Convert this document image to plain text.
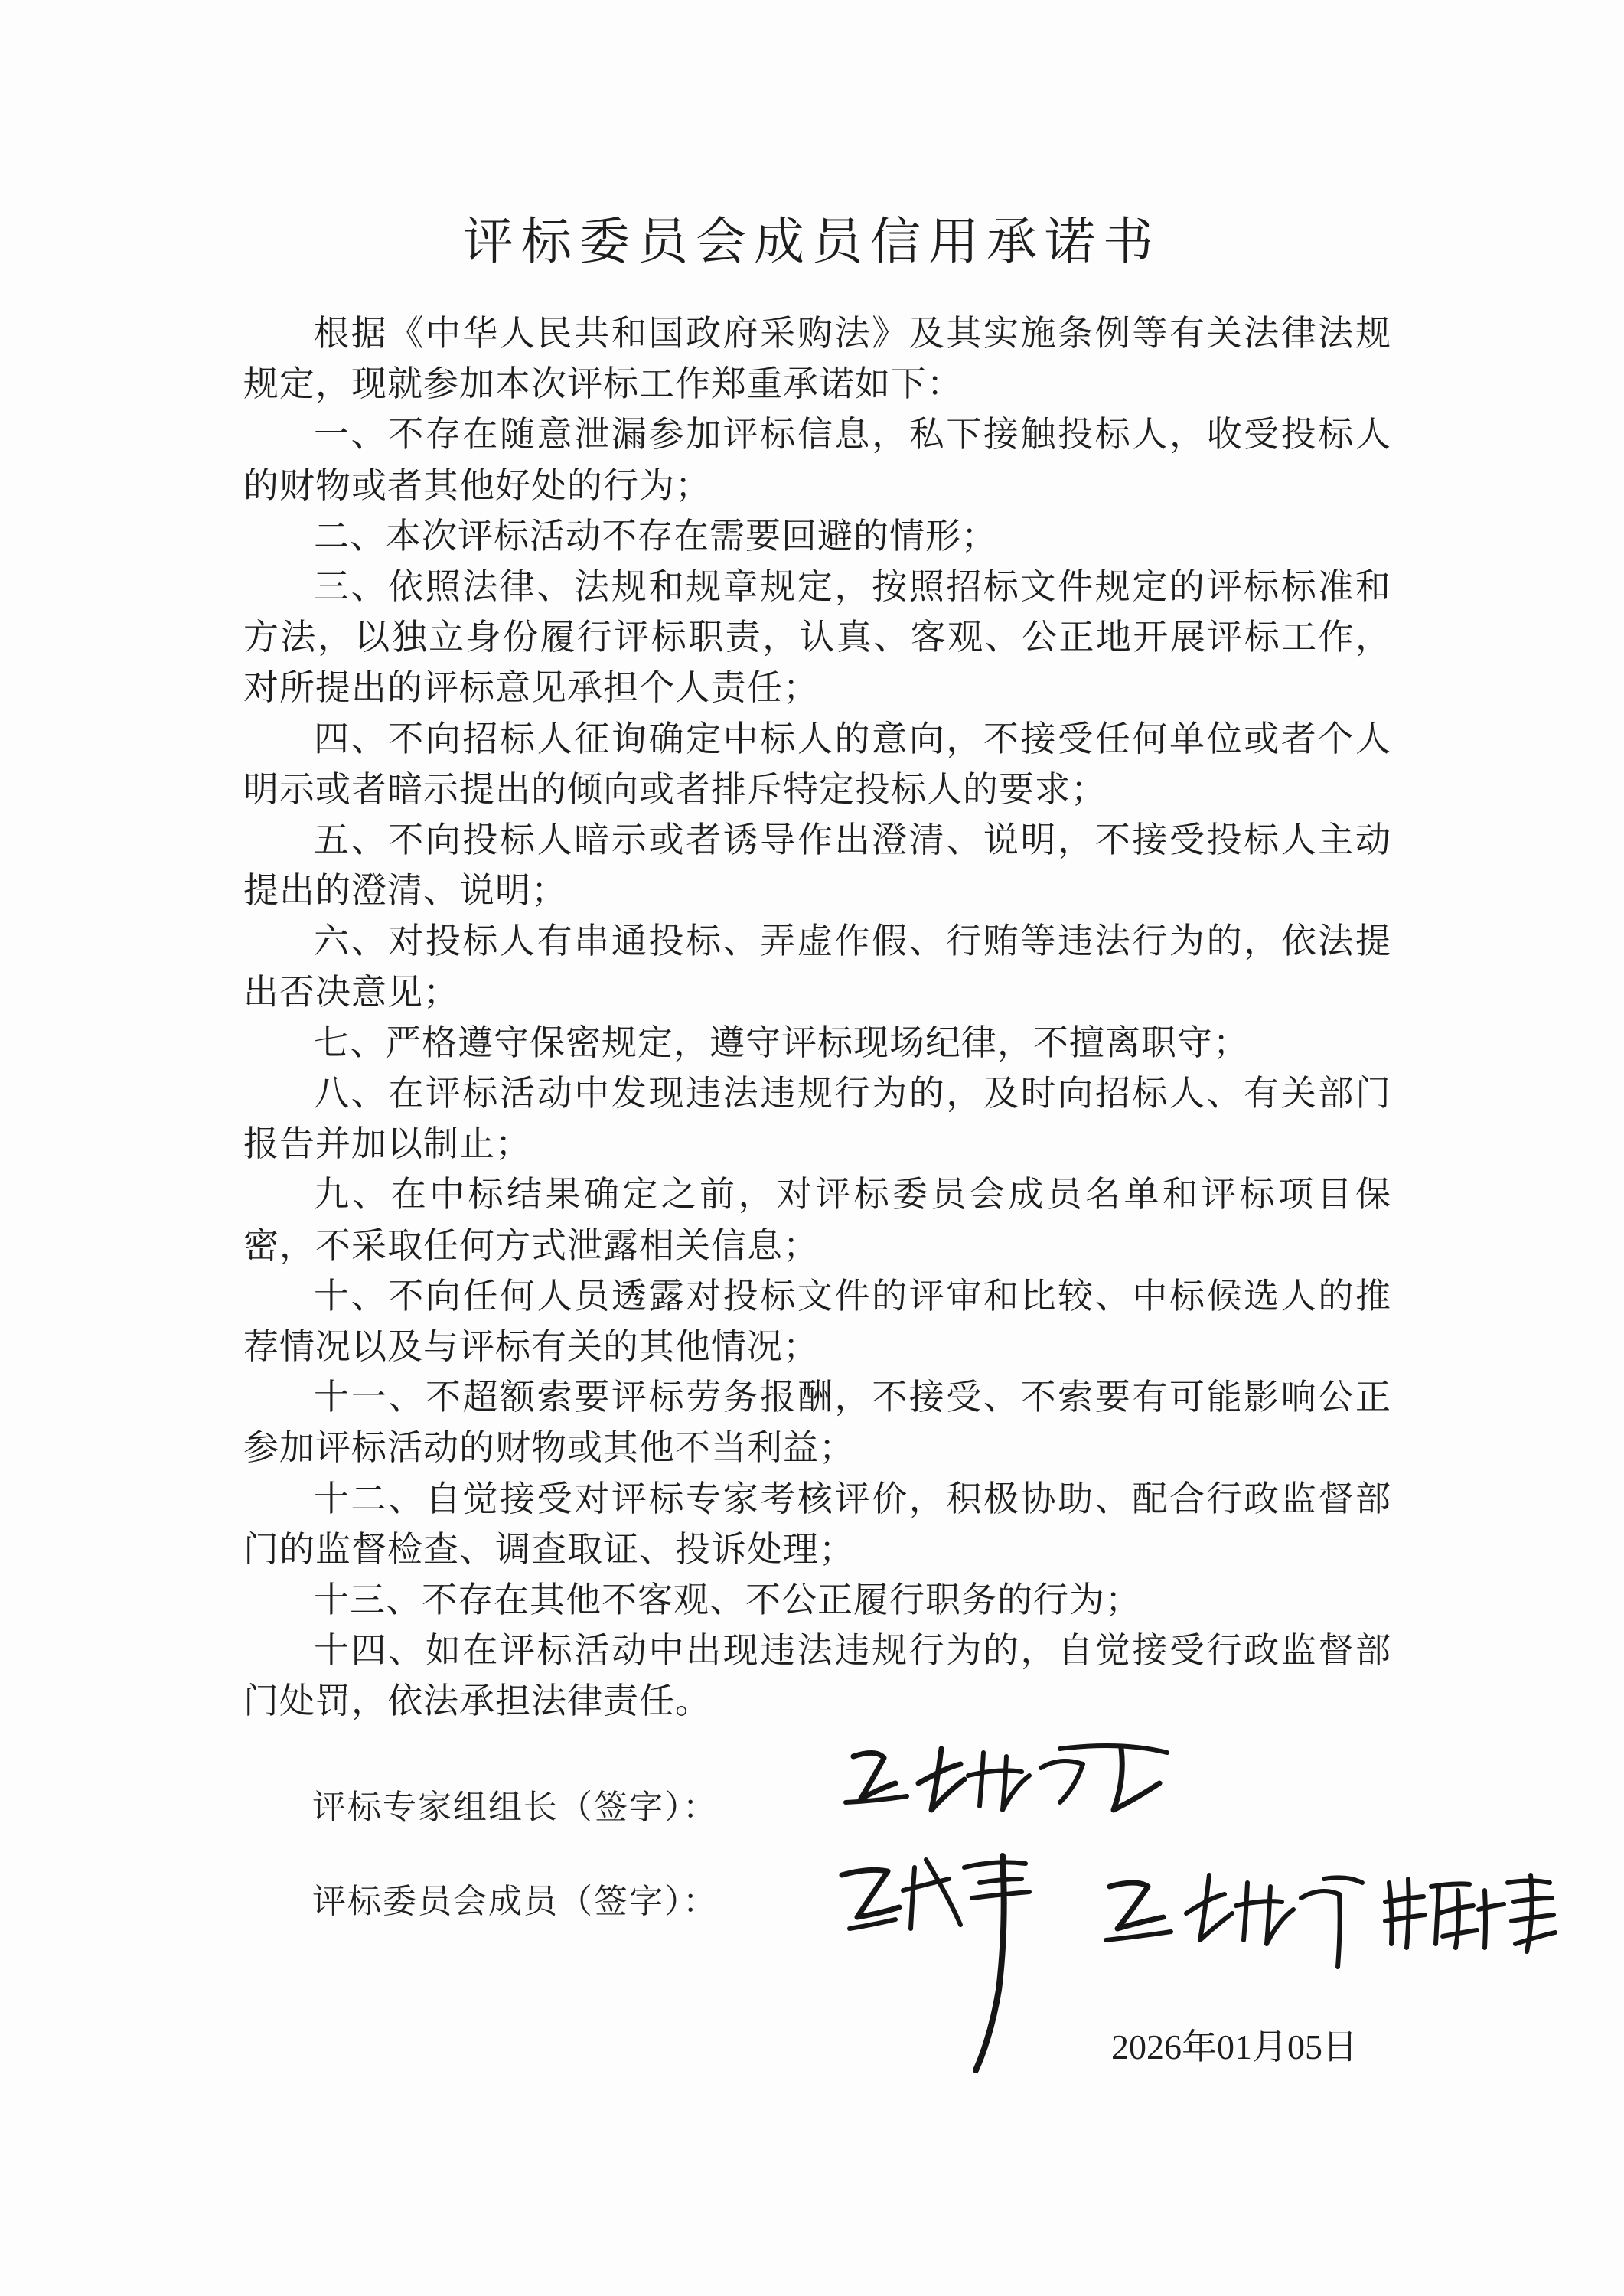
评标委员会成员信用承诺书

根据《中华人民共和国政府采购法》及其实施条例等有关法律法规规定，现就参加本次评标工作郑重承诺如下：

一、不存在随意泄漏参加评标信息，私下接触投标人，收受投标人的财物或者其他好处的行为；

二、本次评标活动不存在需要回避的情形；

三、依照法律、法规和规章规定，按照招标文件规定的评标标准和方法，以独立身份履行评标职责，认真、客观、公正地开展评标工作，对所提出的评标意见承担个人责任；

四、不向招标人征询确定中标人的意向，不接受任何单位或者个人明示或者暗示提出的倾向或者排斥特定投标人的要求；

五、不向投标人暗示或者诱导作出澄清、说明，不接受投标人主动提出的澄清、说明；

六、对投标人有串通投标、弄虚作假、行贿等违法行为的，依法提出否决意见；

七、严格遵守保密规定，遵守评标现场纪律，不擅离职守；

八、在评标活动中发现违法违规行为的，及时向招标人、有关部门报告并加以制止；

九、在中标结果确定之前，对评标委员会成员名单和评标项目保密，不采取任何方式泄露相关信息；

十、不向任何人员透露对投标文件的评审和比较、中标候选人的推荐情况以及与评标有关的其他情况；

十一、不超额索要评标劳务报酬，不接受、不索要有可能影响公正参加评标活动的财物或其他不当利益；

十二、自觉接受对评标专家考核评价，积极协助、配合行政监督部门的监督检查、调查取证、投诉处理；

十三、不存在其他不客观、不公正履行职务的行为；

十四、如在评标活动中出现违法违规行为的，自觉接受行政监督部门处罚，依法承担法律责任。

评标专家组组长（签字）：
评标委员会成员（签字）：
2026年01月05日
